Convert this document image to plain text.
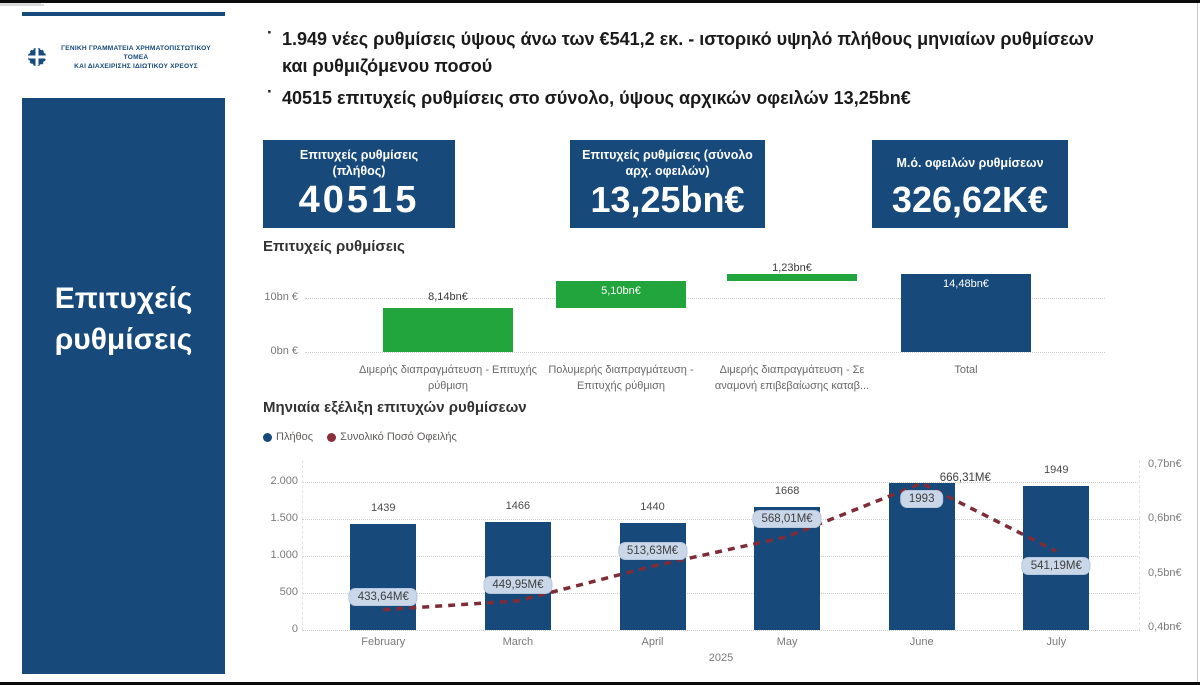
ΓΕΝΙΚΗ ΓΡΑΜΜΑΤΕΙΑ ΧΡΗΜΑΤΟΠΙΣΤΩΤΙΚΟΥ ΤΟΜΕΑ
ΚΑΙ ΔΙΑΧΕΙΡΙΣΗΣ ΙΔΙΩΤΙΚΟΥ ΧΡΕΟΥΣ
Επιτυχείς ρυθμίσεις
· 1.949 νέες ρυθμίσεις ύψους άνω των €541,2 εκ. - ιστορικό υψηλό πλήθους μηνιαίων ρυθμίσεων και ρυθμιζόμενου ποσού
· 40515 επιτυχείς ρυθμίσεις στο σύνολο, ύψους αρχικών οφειλών 13,25bn€
Επιτυχείς ρυθμίσεις (πλήθος)
40515
Επιτυχείς ρυθμίσεις (σύνολο αρχ. οφειλών)
13,25bn€
Μ.ό. οφειλών ρυθμίσεων
326,62K€
Επιτυχείς ρυθμίσεις
Μηνιαία εξέλιξη επιτυχών ρυθμίσεων
Πλήθος Συνολικό Ποσό Οφειλής
0bn €
10bn €	8,14bn€
Διμερής διαπραγμάτευση - Επιτυχής ρύθμιση
5,10bn€
Πολυμερής διαπραγμάτευση - Επιτυχής ρύθμιση
1,23bn€
Διμερής διαπραγμάτευση - Σε αναμονή επιβεβαίωσης καταβ...
14,48bn€
Total
0
500
1.000
1.500
2.000
0,4bn€
0,5bn€
0,6bn€
0,7bn€
1439
February
1466
March
1440
April
1668
May
1993
June
1949
July
2025
433,64M€
449,95M€
513,63M€
568,01M€
666,31M€
541,19M€
